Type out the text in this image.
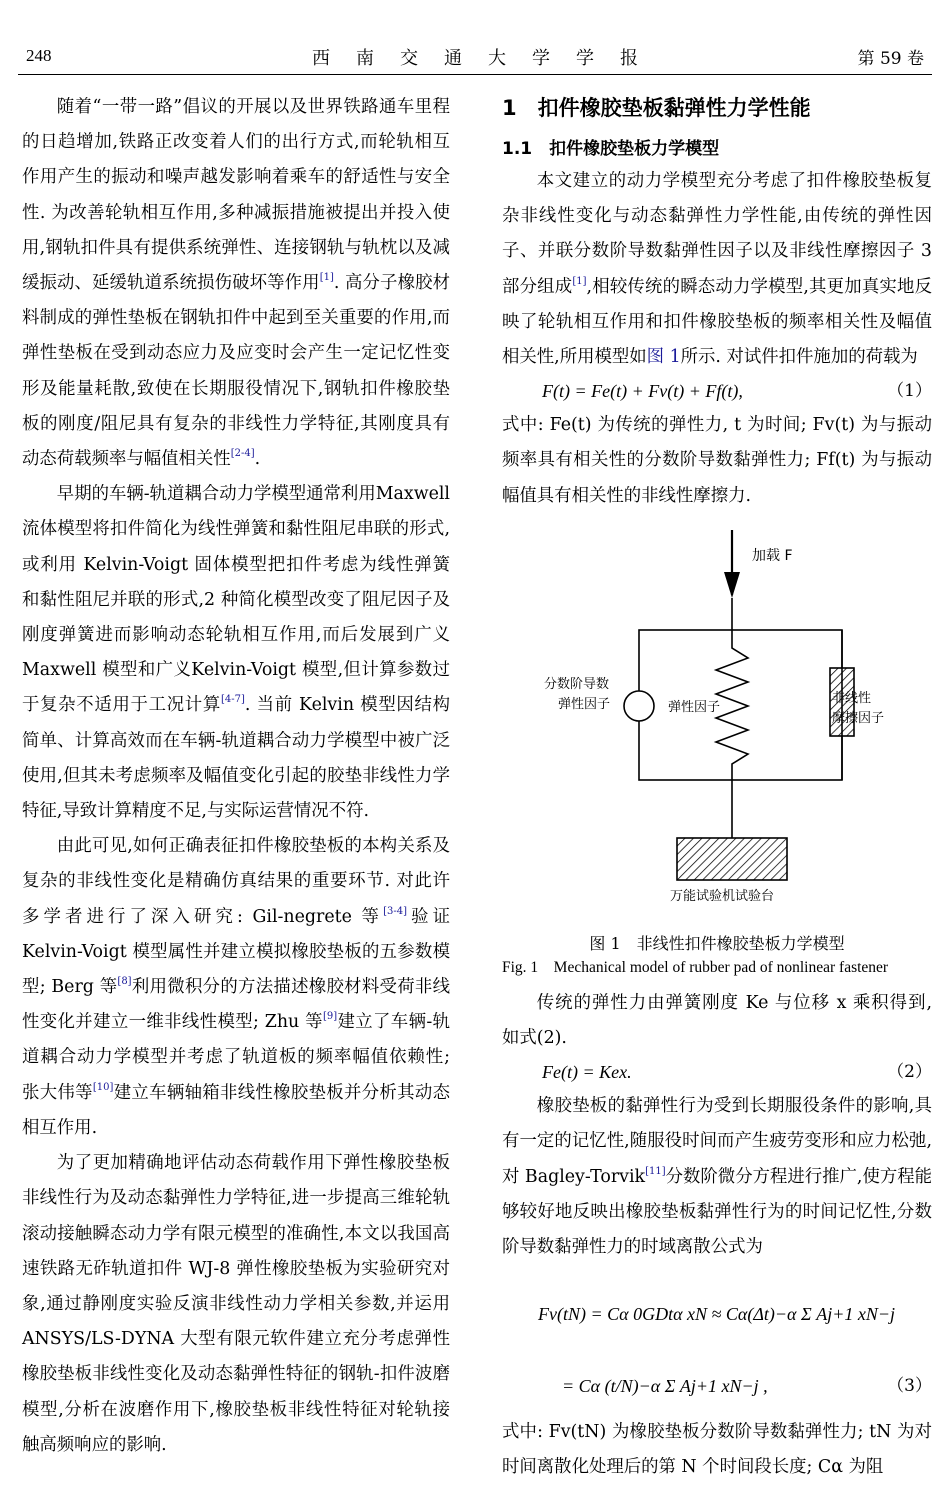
248	西南交通大学学报	第 59 卷

随着“一带一路”倡议的开展以及世界铁路通车里程的日趋增加,铁路正改变着人们的出行方式,而轮轨相互作用产生的振动和噪声越发影响着乘车的舒适性与安全性. 为改善轮轨相互作用,多种减振措施被提出并投入使用,钢轨扣件具有提供系统弹性、连接钢轨与轨枕以及减缓振动、延缓轨道系统损伤破坏等作用[1]. 高分子橡胶材料制成的弹性垫板在钢轨扣件中起到至关重要的作用,而弹性垫板在受到动态应力及应变时会产生一定记忆性变形及能量耗散,致使在长期服役情况下,钢轨扣件橡胶垫板的刚度/阻尼具有复杂的非线性力学特征,其刚度具有动态荷载频率与幅值相关性[2-4].

早期的车辆-轨道耦合动力学模型通常利用Maxwell 流体模型将扣件简化为线性弹簧和黏性阻尼串联的形式,或利用 Kelvin-Voigt 固体模型把扣件考虑为线性弹簧和黏性阻尼并联的形式,2 种简化模型改变了阻尼因子及刚度弹簧进而影响动态轮轨相互作用,而后发展到广义 Maxwell 模型和广义Kelvin-Voigt 模型,但计算参数过于复杂不适用于工况计算[4-7]. 当前 Kelvin 模型因结构简单、计算高效而在车辆-轨道耦合动力学模型中被广泛使用,但其未考虑频率及幅值变化引起的胶垫非线性力学特征,导致计算精度不足,与实际运营情况不符.

由此可见,如何正确表征扣件橡胶垫板的本构关系及复杂的非线性变化是精确仿真结果的重要环节. 对此许多学者进行了深入研究: Gil-negrete 等[3-4]验证 Kelvin-Voigt 模型属性并建立模拟橡胶垫板的五参数模型; Berg 等[8]利用微积分的方法描述橡胶材料受荷非线性变化并建立一维非线性模型; Zhu 等[9]建立了车辆-轨道耦合动力学模型并考虑了轨道板的频率幅值依赖性; 张大伟等[10]建立车辆轴箱非线性橡胶垫板并分析其动态相互作用.

为了更加精确地评估动态荷载作用下弹性橡胶垫板非线性行为及动态黏弹性力学特征,进一步提高三维轮轨滚动接触瞬态动力学有限元模型的准确性,本文以我国高速铁路无砟轨道扣件 WJ-8 弹性橡胶垫板为实验研究对象,通过静刚度实验反演非线性动力学相关参数,并运用 ANSYS/LS-DYNA 大型有限元软件建立充分考虑弹性橡胶垫板非线性变化及动态黏弹性特征的钢轨-扣件波磨模型,分析在波磨作用下,橡胶垫板非线性特征对轮轨接触高频响应的影响.

1　扣件橡胶垫板黏弹性力学性能
1.1　扣件橡胶垫板力学模型

本文建立的动力学模型充分考虑了扣件橡胶垫板复杂非线性变化与动态黏弹性力学性能,由传统的弹性因子、并联分数阶导数黏弹性因子以及非线性摩擦因子 3 部分组成[1],相较传统的瞬态动力学模型,其更加真实地反映了轮轨相互作用和扣件橡胶垫板的频率相关性及幅值相关性,所用模型如图 1所示. 对试件扣件施加的荷载为

F(t) = Fe(t) + Fv(t) + Ff(t),	（1）

式中: Fe(t) 为传统的弹性力, t 为时间; Fv(t) 为与振动频率具有相关性的分数阶导数黏弹性力; Ff(t) 为与振动幅值具有相关性的非线性摩擦力.

加载 F
分数阶导数
弹性因子	弹性因子
非线性
摩擦因子
万能试验机试验台

图 1　非线性扣件橡胶垫板力学模型

Fig. 1　Mechanical model of rubber pad of nonlinear fastener

传统的弹性力由弹簧刚度 Ke 与位移 x 乘积得到, 如式(2).

Fe(t) = Kex.	（2）

橡胶垫板的黏弹性行为受到长期服役条件的影响,具有一定的记忆性,随服役时间而产生疲劳变形和应力松弛,对 Bagley-Torvik[11]分数阶微分方程进行推广,使方程能够较好地反映出橡胶垫板黏弹性行为的时间记忆性,分数阶导数黏弹性力的时域离散公式为

Fv(tN) = Cα 0GDtα xN ≈ Cα(Δt)−α Σ Aj+1 xN−j
= Cα (t/N)−α Σ Aj+1 xN−j ,	（3）

式中: Fv(tN) 为橡胶垫板分数阶导数黏弹性力; tN 为对时间离散化处理后的第 N 个时间段长度; Cα 为阻
